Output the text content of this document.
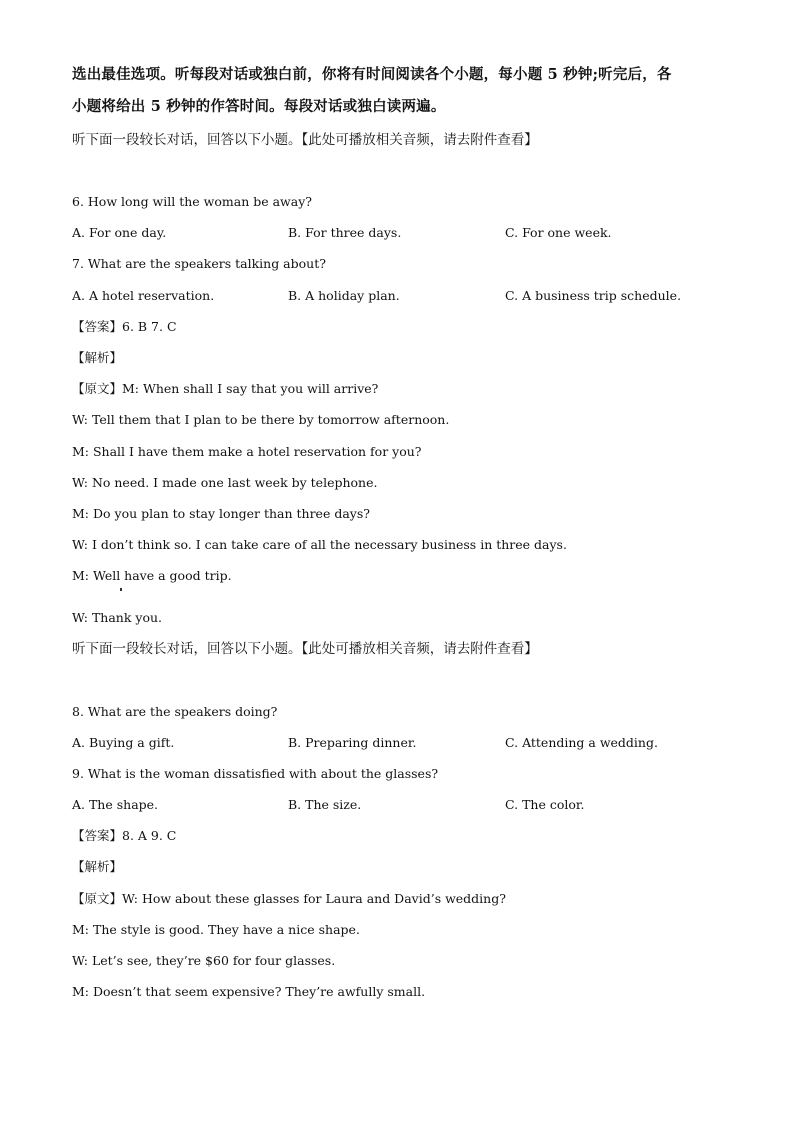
选出最佳选项。听每段对话或独白前，你将有时间阅读各个小题，每小题 5 秒钟;听完后，各
小题将给出 5 秒钟的作答时间。每段对话或独白读两遍。
听下面一段较长对话，回答以下小题。【此处可播放相关音频，请去附件查看】
6. How long will the woman be away?
A. For one day.	B. For three days.	C. For one week.
7. What are the speakers talking about?
A. A hotel reservation.	B. A holiday plan.	C. A business trip schedule.
【答案】6. B 7. C
【解析】
【原文】M: When shall I say that you will arrive?
W: Tell them that I plan to be there by tomorrow afternoon.
M: Shall I have them make a hotel reservation for you?
W: No need. I made one last week by telephone.
M: Do you plan to stay longer than three days?
W: I don’t think so. I can take care of all the necessary business in three days.
M: Well have a good trip.
W: Thank you.
听下面一段较长对话，回答以下小题。【此处可播放相关音频，请去附件查看】
8. What are the speakers doing?
A. Buying a gift.	B. Preparing dinner.	C. Attending a wedding.
9. What is the woman dissatisfied with about the glasses?
A. The shape.	B. The size.	C. The color.
【答案】8. A 9. C
【解析】
【原文】W: How about these glasses for Laura and David’s wedding?
M: The style is good. They have a nice shape.
W: Let’s see, they’re $60 for four glasses.
M: Doesn’t that seem expensive? They’re awfully small.
